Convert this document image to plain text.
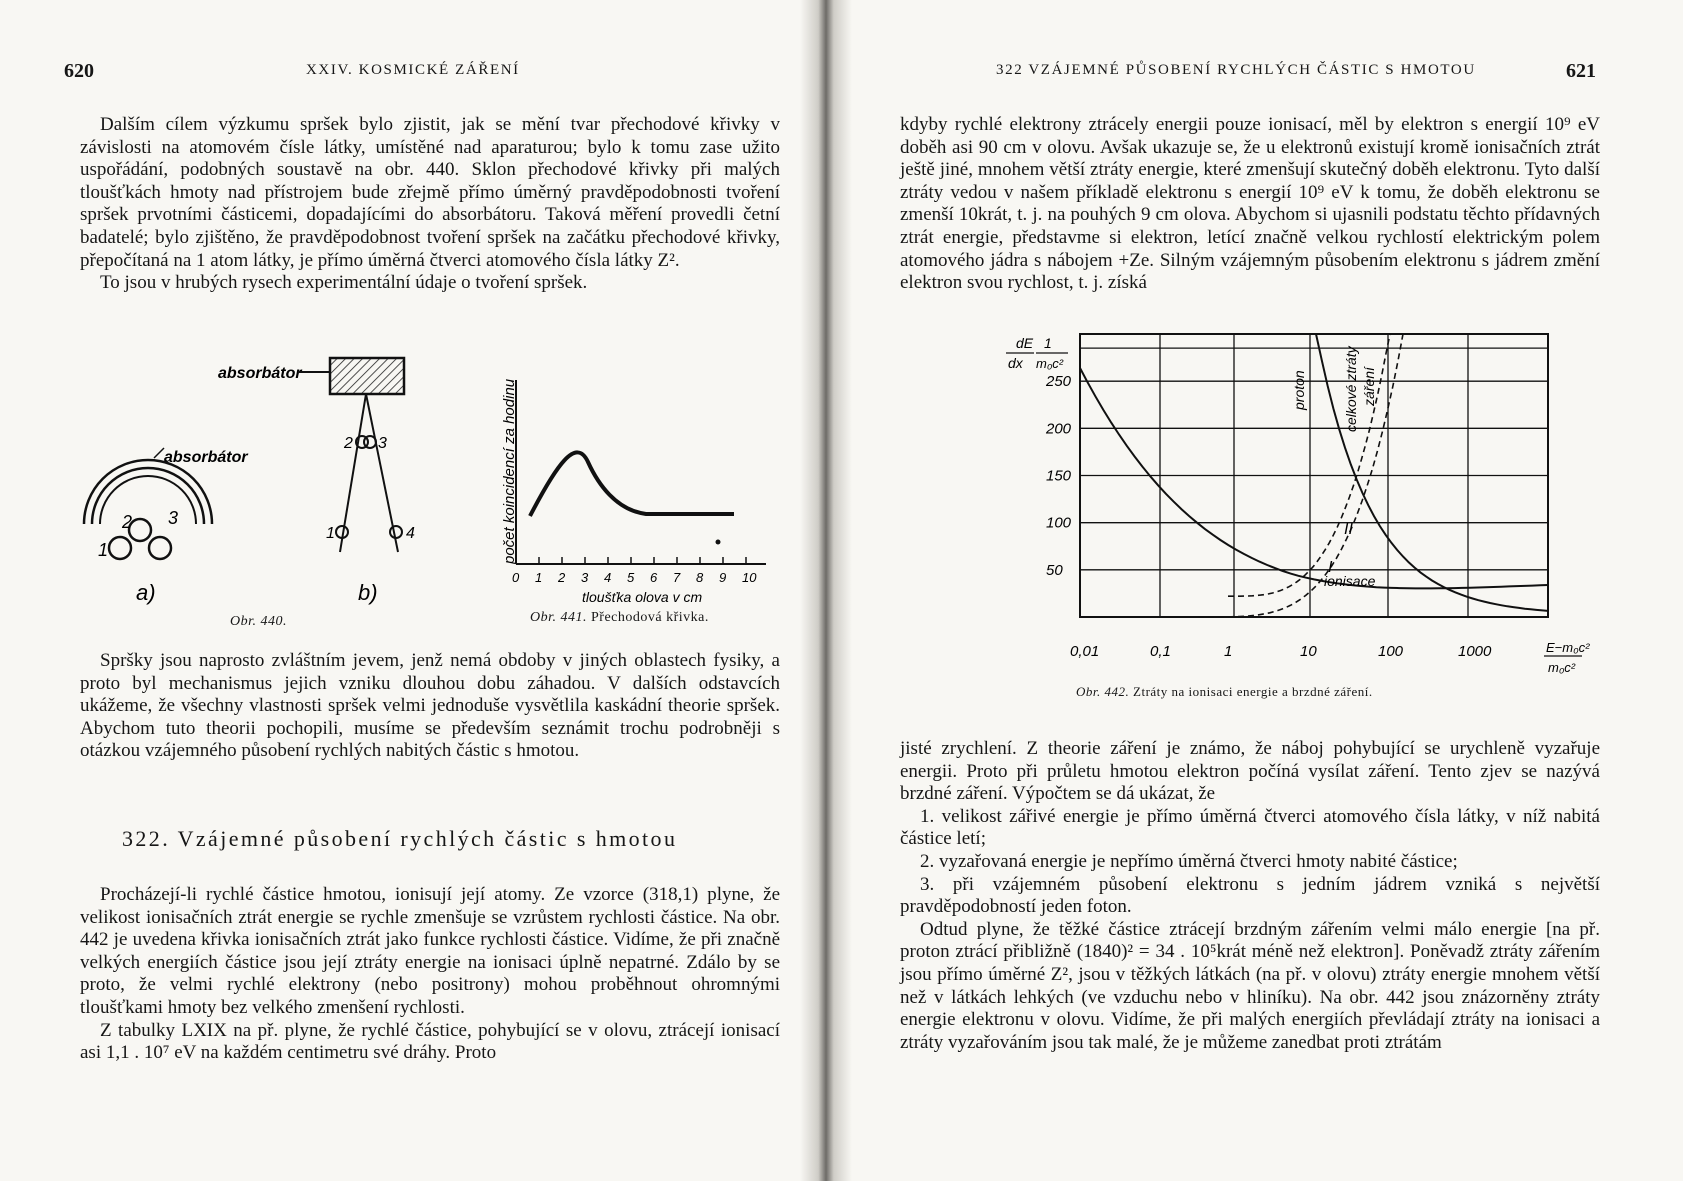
620	XXIV. KOSMICKÉ ZÁŘENÍ

Dalším cílem výzkumu spršek bylo zjistit, jak se mění tvar přechodové křivky v závislosti na atomovém čísle látky, umístěné nad aparaturou; bylo k tomu zase užito uspořádání, podobných soustavě na obr. 440. Sklon přechodové křivky při malých tloušťkách hmoty nad přístrojem bude zřejmě přímo úměrný pravděpodobnosti tvoření spršek prvotními částicemi, dopadajícími do absorbátoru. Taková měření provedli četní badatelé; bylo zjištěno, že pravděpodobnost tvoření spršek na začátku přechodové křivky, přepočítaná na 1 atom látky, je přímo úměrná čtverci atomového čísla látky Z².

To jsou v hrubých rysech experimentální údaje o tvoření spršek.

absorbátor
2 3
1	4
b)
absorbátor
1
2 3
a)
Obr. 440.
počet koincidencí za hodinu
0 1 2 3 4 5 6 7 8 9 10
tloušťka olova v cm
Obr. 441. Přechodová křivka.

Spršky jsou naprosto zvláštním jevem, jenž nemá obdoby v jiných oblastech fysiky, a proto byl mechanismus jejich vzniku dlouhou dobu záhadou. V dalších odstavcích ukážeme, že všechny vlastnosti spršek velmi jednoduše vysvětlila kaskádní theorie spršek. Abychom tuto theorii pochopili, musíme se především seznámit trochu podrobněji s otázkou vzájemného působení rychlých nabitých částic s hmotou.

322. Vzájemné působení rychlých částic s hmotou

Procházejí-li rychlé částice hmotou, ionisují její atomy. Ze vzorce (318,1) plyne, že velikost ionisačních ztrát energie se rychle zmenšuje se vzrůstem rychlosti částice. Na obr. 442 je uvedena křivka ionisačních ztrát jako funkce rychlosti částice. Vidíme, že při značně velkých energiích částice jsou její ztráty energie na ionisaci úplně nepatrné. Zdálo by se proto, že velmi rychlé elektrony (nebo positrony) mohou proběhnout ohromnými tloušťkami hmoty bez velkého zmenšení rychlosti.

Z tabulky LXIX na př. plyne, že rychlé částice, pohybující se v olovu, ztrácejí ionisací asi 1,1 . 10⁷ eV na každém centimetru své dráhy. Proto

322 VZÁJEMNÉ PŮSOBENÍ RYCHLÝCH ČÁSTIC S HMOTOU	621

kdyby rychlé elektrony ztrácely energii pouze ionisací, měl by elektron s energií 10⁹ eV doběh asi 90 cm v olovu. Avšak ukazuje se, že u elektronů existují kromě ionisačních ztrát ještě jiné, mnohem větší ztráty energie, které zmenšují skutečný doběh elektronu. Tyto další ztráty vedou v našem příkladě elektronu s energií 10⁹ eV k tomu, že doběh elektronu se zmenší 10krát, t. j. na pouhých 9 cm olova. Abychom si ujasnili podstatu těchto přídavných ztrát energie, představme si elektron, letící značně velkou rychlostí elektrickým polem atomového jádra s nábojem +Ze. Silným vzájemným působením elektronu s jádrem změní elektron svou rychlost, t. j. získá

dE
dx
1
m₀c²
0,01	0,1	1	10	100	1000
50
100
150
200
250	proton	celkové ztráty záření
ionisace
II
I
E−m₀c²
m₀c²
Obr. 442. Ztráty na ionisaci energie a brzdné záření.

jisté zrychlení. Z theorie záření je známo, že náboj pohybující se urychleně vyzařuje energii. Proto při průletu hmotou elektron počíná vysílat záření. Tento zjev se nazývá brzdné záření. Výpočtem se dá ukázat, že

1. velikost zářivé energie je přímo úměrná čtverci atomového čísla látky, v níž nabitá částice letí;

2. vyzařovaná energie je nepřímo úměrná čtverci hmoty nabité částice;

3. při vzájemném působení elektronu s jedním jádrem vzniká s největší pravděpodobností jeden foton.

Odtud plyne, že těžké částice ztrácejí brzdným zářením velmi málo energie [na př. proton ztrácí přibližně (1840)² = 34 . 10⁵krát méně než elektron]. Poněvadž ztráty zářením jsou přímo úměrné Z², jsou v těžkých látkách (na př. v olovu) ztráty energie mnohem větší než v látkách lehkých (ve vzduchu nebo v hliníku). Na obr. 442 jsou znázorněny ztráty energie elektronu v olovu. Vidíme, že při malých energiích převládají ztráty na ionisaci a ztráty vyzařováním jsou tak malé, že je můžeme zanedbat proti ztrátám
